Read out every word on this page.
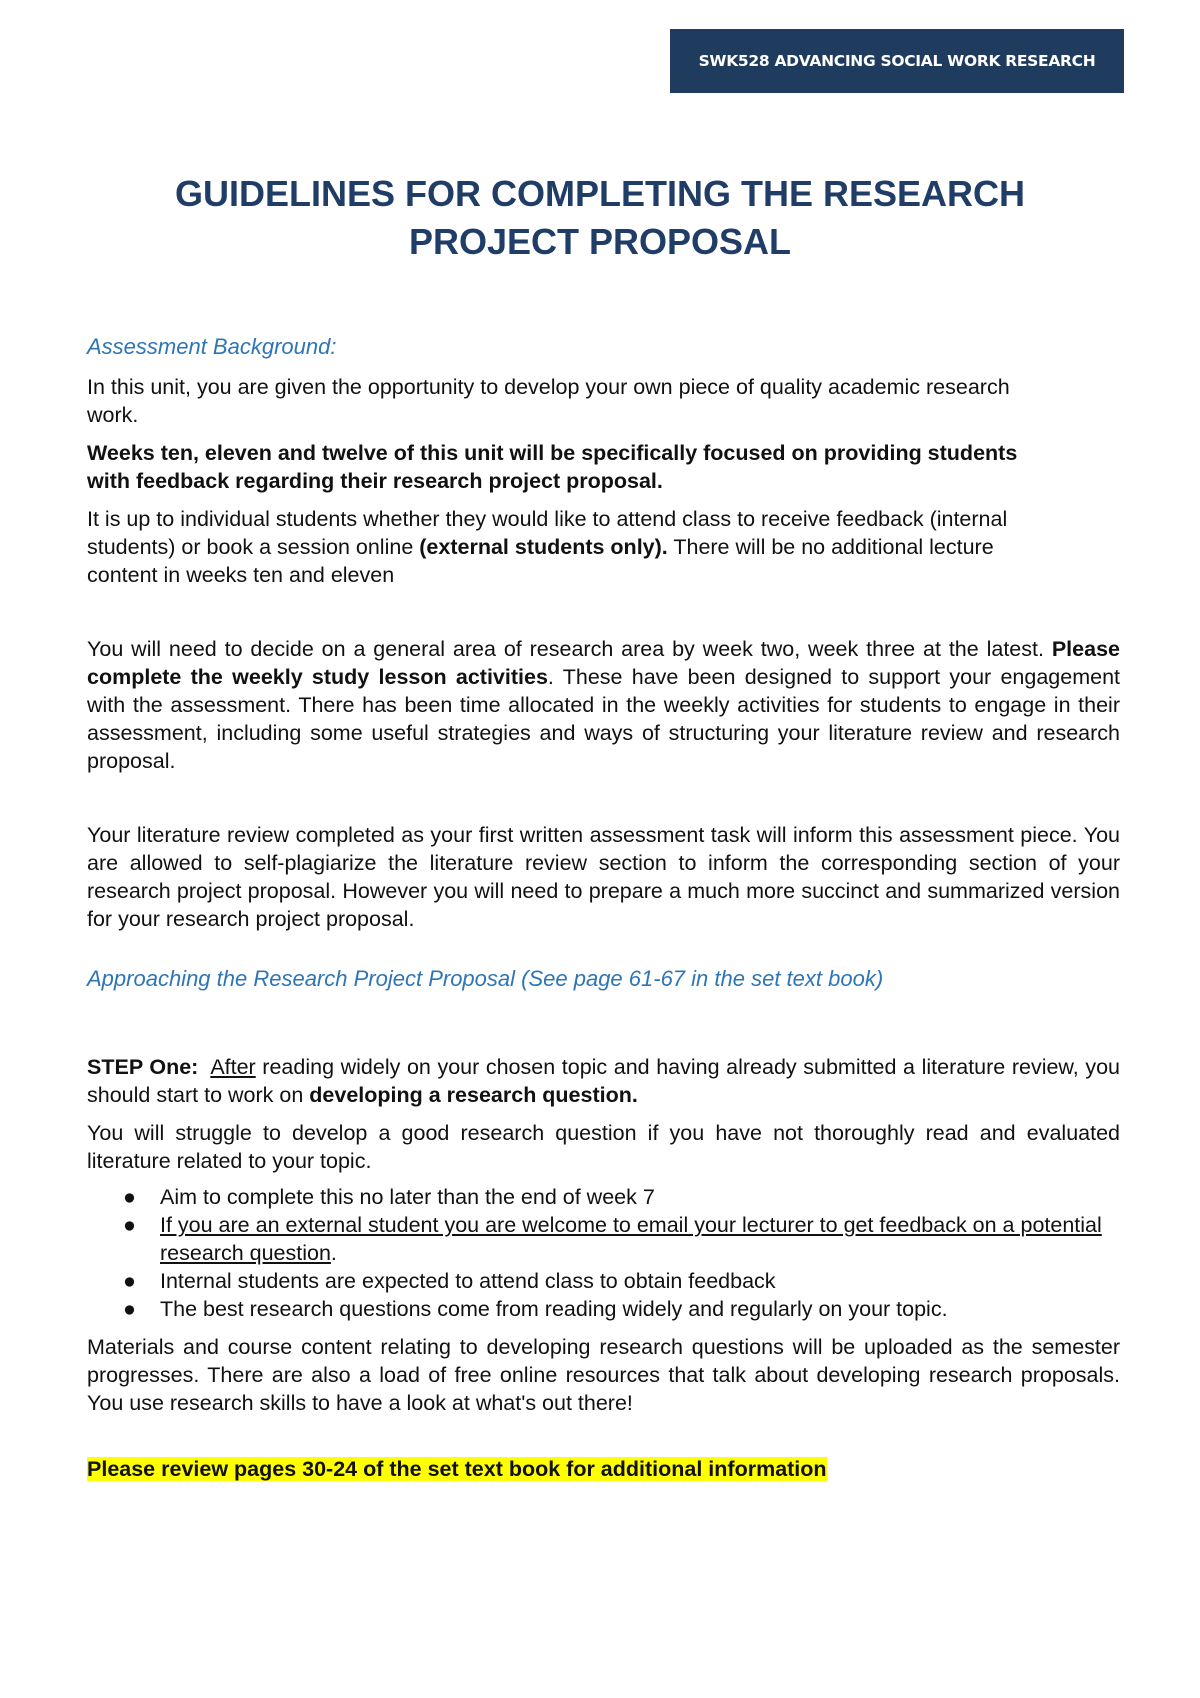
SWK528 ADVANCING SOCIAL WORK RESEARCH
GUIDELINES FOR COMPLETING THE RESEARCH
PROJECT PROPOSAL

Assessment Background:

In this unit, you are given the opportunity to develop your own piece of quality academic research work.

Weeks ten, eleven and twelve of this unit will be specifically focused on providing students with feedback regarding their research project proposal.

It is up to individual students whether they would like to attend class to receive feedback (internal students) or book a session online (external students only). There will be no additional lecture content in weeks ten and eleven

You will need to decide on a general area of research area by week two, week three at the latest. Please complete the weekly study lesson activities. These have been designed to support your engagement with the assessment. There has been time allocated in the weekly activities for students to engage in their assessment, including some useful strategies and ways of structuring your literature review and research proposal.

Your literature review completed as your first written assessment task will inform this assessment piece. You are allowed to self-plagiarize the literature review section to inform the corresponding section of your research project proposal. However you will need to prepare a much more succinct and summarized version for your research project proposal.

Approaching the Research Project Proposal (See page 61-67 in the set text book)

STEP One: After reading widely on your chosen topic and having already submitted a literature review, you should start to work on developing a research question.

You will struggle to develop a good research question if you have not thoroughly read and evaluated literature related to your topic.

● Aim to complete this no later than the end of week 7
● If you are an external student you are welcome to email your lecturer to get feedback on a potential research question.
● Internal students are expected to attend class to obtain feedback
● The best research questions come from reading widely and regularly on your topic.

Materials and course content relating to developing research questions will be uploaded as the semester progresses. There are also a load of free online resources that talk about developing research proposals. You use research skills to have a look at what's out there!

Please review pages 30-24 of the set text book for additional information
